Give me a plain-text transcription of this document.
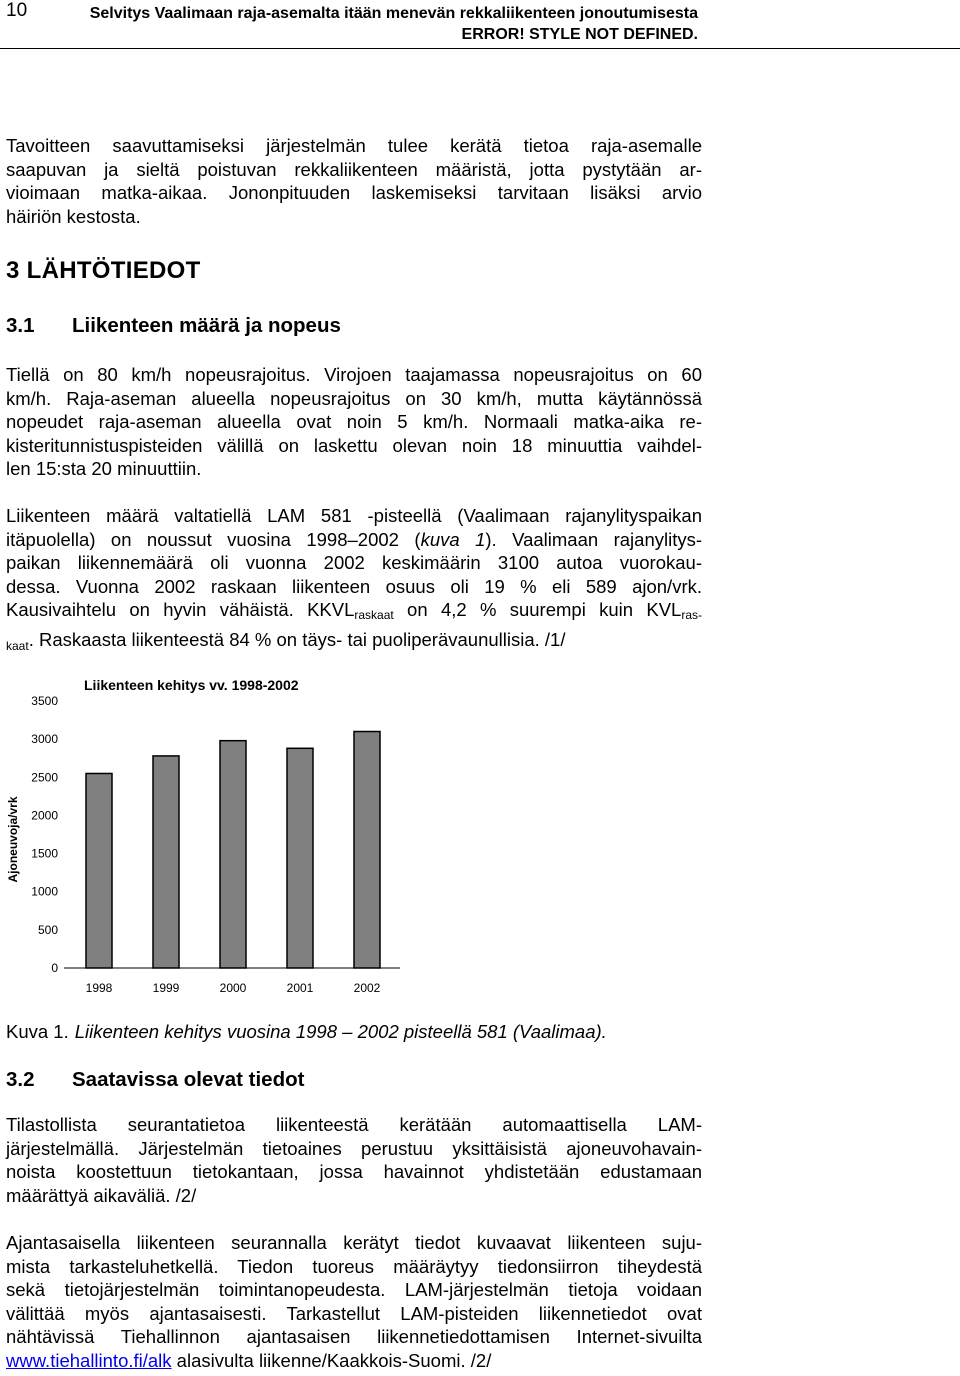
10	Selvitys Vaalimaan raja-asemalta itään menevän rekkaliikenteen jonoutumisesta
ERROR! STYLE NOT DEFINED.
Tavoitteen saavuttamiseksi järjestelmän tulee kerätä tietoa raja-asemalle
saapuvan ja sieltä poistuvan rekkaliikenteen määristä, jotta pystytään ar-
vioimaan matka-aikaa. Jononpituuden laskemiseksi tarvitaan lisäksi arvio
häiriön kestosta.
3 LÄHTÖTIEDOT
3.1 Liikenteen määrä ja nopeus
Tiellä on 80 km/h nopeusrajoitus. Virojoen taajamassa nopeusrajoitus on 60
km/h. Raja-aseman alueella nopeusrajoitus on 30 km/h, mutta käytännössä
nopeudet raja-aseman alueella ovat noin 5 km/h. Normaali matka-aika re-
kisteritunnistuspisteiden välillä on laskettu olevan noin 18 minuuttia vaihdel-
len 15:sta 20 minuuttiin.
Liikenteen määrä valtatiellä LAM 581 -pisteellä (Vaalimaan rajanylityspaikan
itäpuolella) on noussut vuosina 1998–2002 (kuva 1). Vaalimaan rajanylitys-
paikan liikennemäärä oli vuonna 2002 keskimäärin 3100 autoa vuorokau-
dessa. Vuonna 2002 raskaan liikenteen osuus oli 19 % eli 589 ajon/vrk.
Kausivaihtelu on hyvin vähäistä. $KKVL_{raskaat}$ on 4,2 % suurempi kuin $KVL_{ras-}$
$_{kaat}$. Raskaasta liikenteestä 84 % on täys- tai puoliperävaunullisia. /1/
Liikenteen kehitys vv. 1998-2002
0
500
1000
1500
2000
2500
3000
3500
Ajoneuvoja/vrk
1998	1999	2000	2001	2002
Kuva 1. Liikenteen kehitys vuosina 1998 – 2002 pisteellä 581 (Vaalimaa).
3.2 Saatavissa olevat tiedot
Tilastollista seurantatietoa liikenteestä kerätään automaattisella LAM-
järjestelmällä. Järjestelmän tietoaines perustuu yksittäisistä ajoneuvohavain-
noista koostettuun tietokantaan, jossa havainnot yhdistetään edustamaan
määrättyä aikaväliä. /2/
Ajantasaisella liikenteen seurannalla kerätyt tiedot kuvaavat liikenteen suju-
mista tarkasteluhetkellä. Tiedon tuoreus määräytyy tiedonsiirron tiheydestä
sekä tietojärjestelmän toimintanopeudesta. LAM-järjestelmän tietoja voidaan
välittää myös ajantasaisesti. Tarkastellut LAM-pisteiden liikennetiedot ovat
nähtävissä Tiehallinnon ajantasaisen liikennetiedottamisen Internet-sivuilta
www.tiehallinto.fi/alk alasivulta liikenne/Kaakkois-Suomi. /2/
